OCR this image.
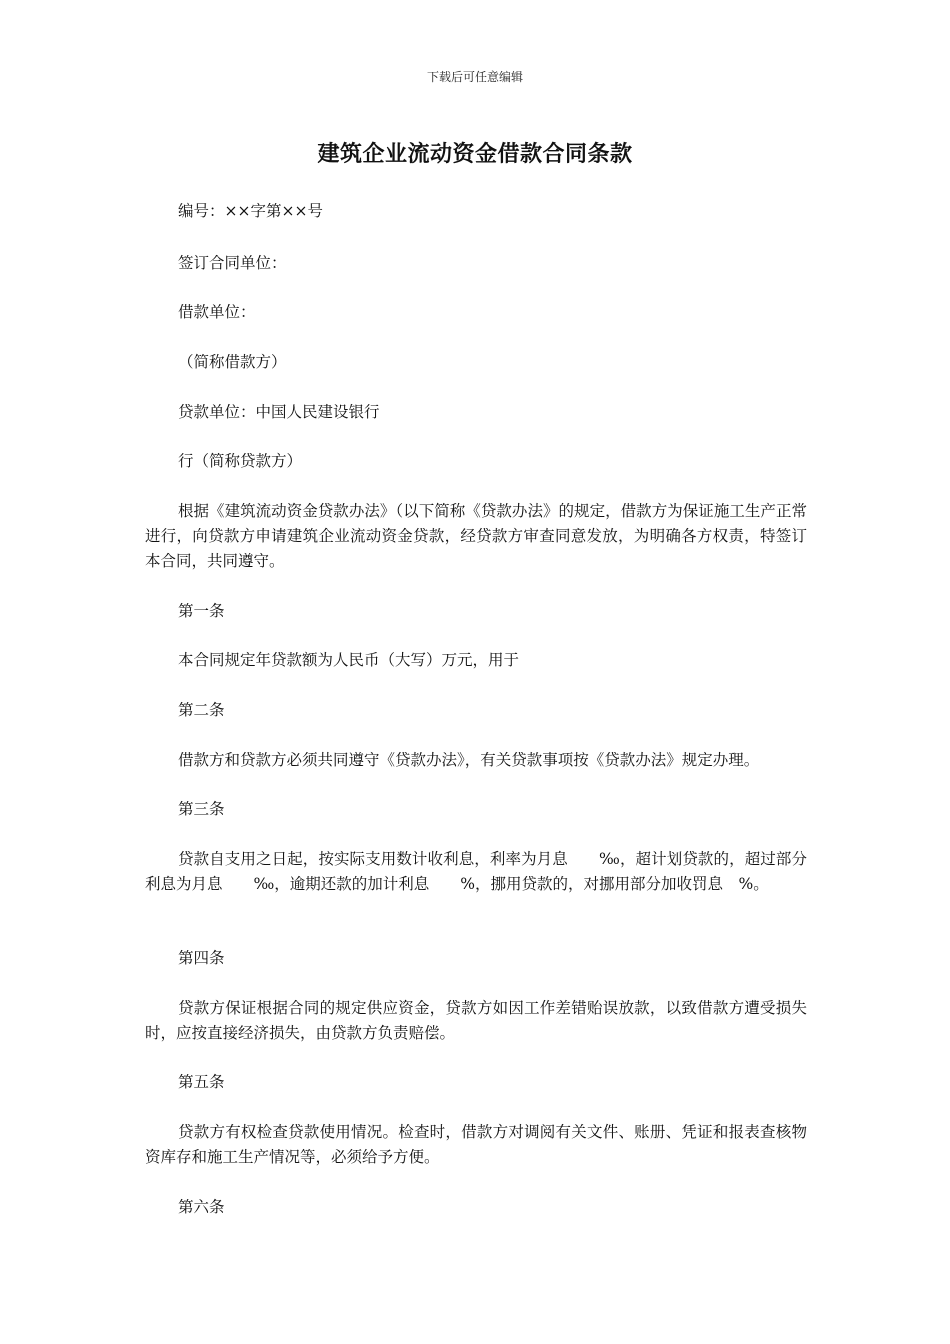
下载后可任意编辑
建筑企业流动资金借款合同条款

编号：××字第××号

签订合同单位：

借款单位：

（简称借款方）

贷款单位：中国人民建设银行

行（简称贷款方）

根据《建筑流动资金贷款办法》（以下简称《贷款办法》的规定，借款方为保证施工生产正常进行，向贷款方申请建筑企业流动资金贷款，经贷款方审查同意发放，为明确各方权责，特签订本合同，共同遵守。

第一条

本合同规定年贷款额为人民币（大写）万元，用于

第二条

借款方和贷款方必须共同遵守《贷款办法》，有关贷款事项按《贷款办法》规定办理。

第三条

贷款自支用之日起，按实际支用数计收利息，利率为月息　　‰，超计划贷款的，超过部分利息为月息　　‰，逾期还款的加计利息　　%，挪用贷款的，对挪用部分加收罚息　%。

第四条

贷款方保证根据合同的规定供应资金，贷款方如因工作差错贻误放款，以致借款方遭受损失时，应按直接经济损失，由贷款方负责赔偿。

第五条

贷款方有权检查贷款使用情况。检查时，借款方对调阅有关文件、账册、凭证和报表查核物资库存和施工生产情况等，必须给予方便。

第六条
